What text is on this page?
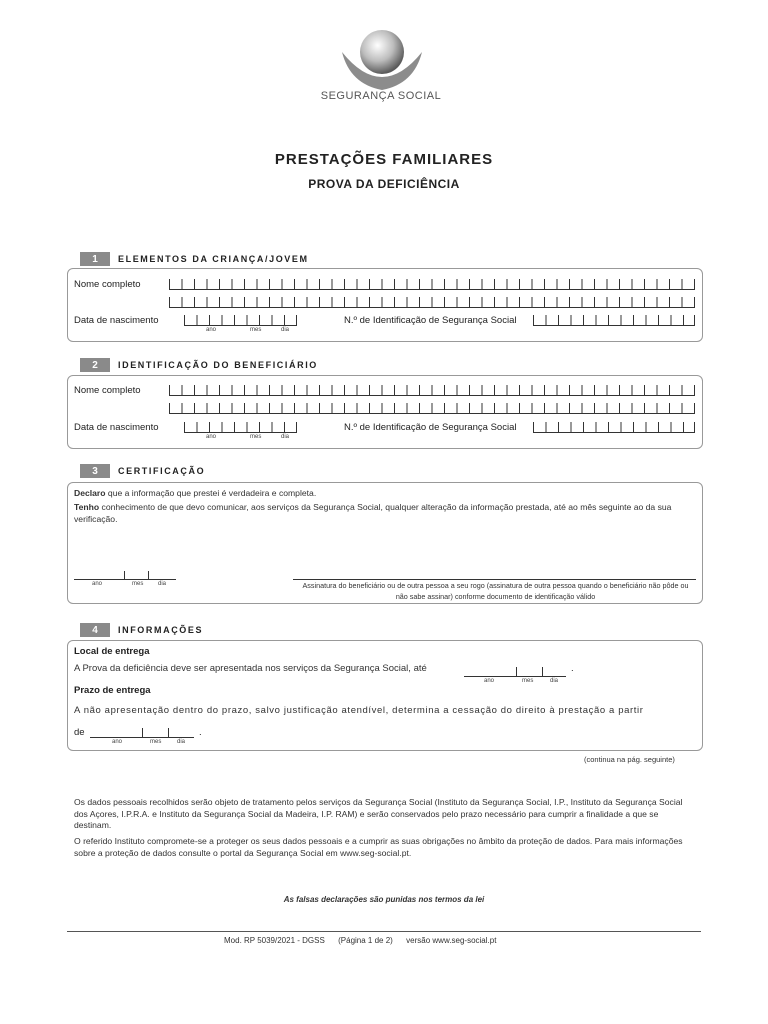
SEGURANÇA SOCIAL
PRESTAÇÕES FAMILIARES
PROVA DA DEFICIÊNCIA
1	ELEMENTOS DA CRIANÇA/JOVEM
Nome completo
Data de nascimento
ano	mes	dia
N.º de Identificação de Segurança Social
2	IDENTIFICAÇÃO DO BENEFICIÁRIO
Nome completo
Data de nascimento
ano	mes	dia
N.º de Identificação de Segurança Social
3	CERTIFICAÇÃO
Declaro que a informação que prestei é verdadeira e completa.
Tenho conhecimento de que devo comunicar, aos serviços da Segurança Social, qualquer alteração da informação prestada, até ao mês seguinte ao da sua verificação.
ano	mes dia	Assinatura do beneficiário ou de outra pessoa a seu rogo (assinatura de outra pessoa quando o beneficiário não pôde ou não sabe assinar) conforme documento de identificação válido
4	INFORMAÇÕES
Local de entrega
A Prova da deficiência deve ser apresentada nos serviços da Segurança Social, até
ano	mes	dia
.
Prazo de entrega
A não apresentação dentro do prazo, salvo justificação atendível, determina a cessação do direito à prestação a partir
de
ano	mes	dia
.
(continua na pág. seguinte)
Os dados pessoais recolhidos serão objeto de tratamento pelos serviços da Segurança Social (Instituto da Segurança Social, I.P., Instituto da Segurança Social dos Açores, I.P.R.A. e Instituto da Segurança Social da Madeira, I.P. RAM) e serão conservados pelo prazo necessário para cumprir a finalidade a que se destinam.
O referido Instituto compromete-se a proteger os seus dados pessoais e a cumprir as suas obrigações no âmbito da proteção de dados. Para mais informações sobre a proteção de dados consulte o portal da Segurança Social em www.seg-social.pt.
As falsas declarações são punidas nos termos da lei
Mod. RP 5039/2021 - DGSS      (Página 1 de 2)      versão www.seg-social.pt
